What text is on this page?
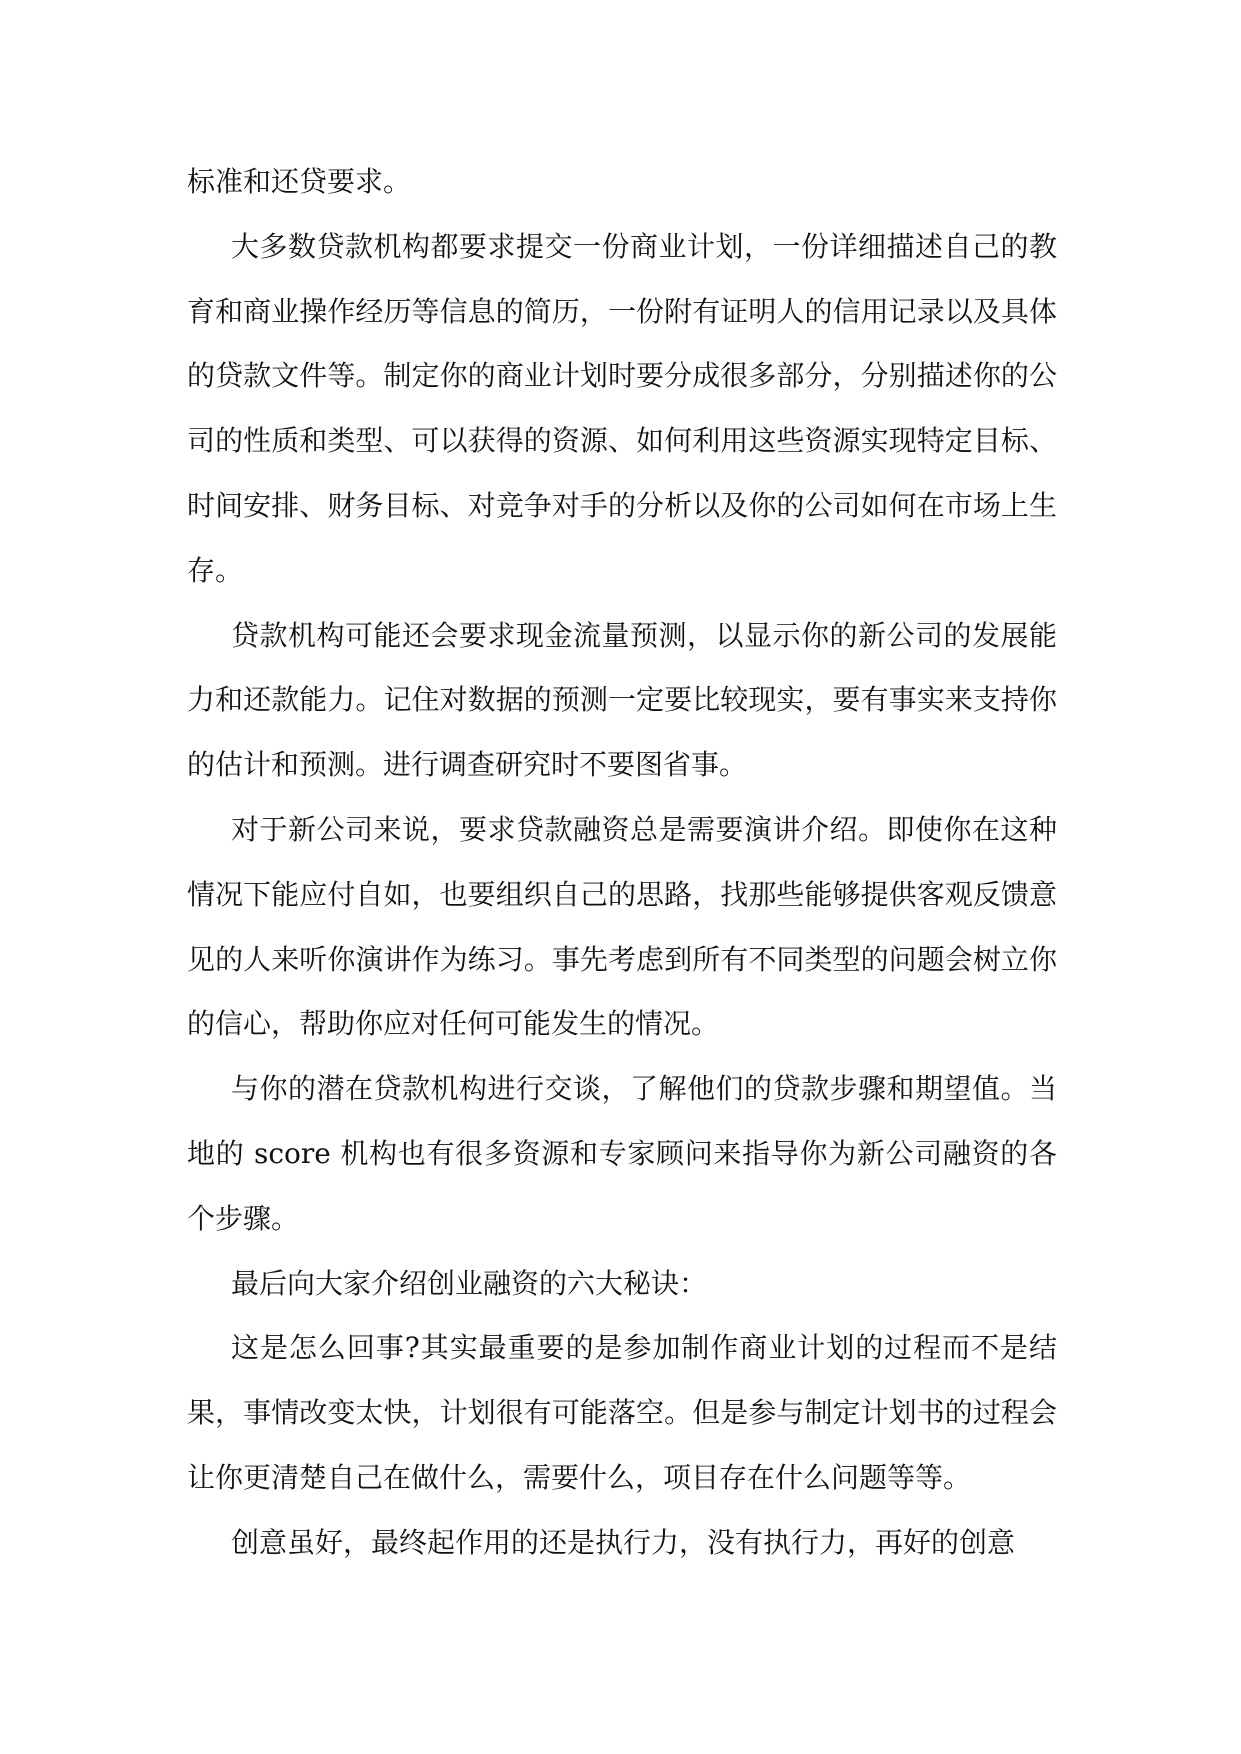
标准和还贷要求。

大多数贷款机构都要求提交一份商业计划，一份详细描述自己的教育和商业操作经历等信息的简历，一份附有证明人的信用记录以及具体的贷款文件等。制定你的商业计划时要分成很多部分，分别描述你的公司的性质和类型、可以获得的资源、如何利用这些资源实现特定目标、时间安排、财务目标、对竞争对手的分析以及你的公司如何在市场上生存。

贷款机构可能还会要求现金流量预测，以显示你的新公司的发展能力和还款能力。记住对数据的预测一定要比较现实，要有事实来支持你的估计和预测。进行调查研究时不要图省事。

对于新公司来说，要求贷款融资总是需要演讲介绍。即使你在这种情况下能应付自如，也要组织自己的思路，找那些能够提供客观反馈意见的人来听你演讲作为练习。事先考虑到所有不同类型的问题会树立你的信心，帮助你应对任何可能发生的情况。

与你的潜在贷款机构进行交谈，了解他们的贷款步骤和期望值。当地的 score 机构也有很多资源和专家顾问来指导你为新公司融资的各个步骤。

最后向大家介绍创业融资的六大秘诀：

这是怎么回事?其实最重要的是参加制作商业计划的过程而不是结果，事情改变太快，计划很有可能落空。但是参与制定计划书的过程会让你更清楚自己在做什么，需要什么，项目存在什么问题等等。

创意虽好，最终起作用的还是执行力，没有执行力，再好的创意
